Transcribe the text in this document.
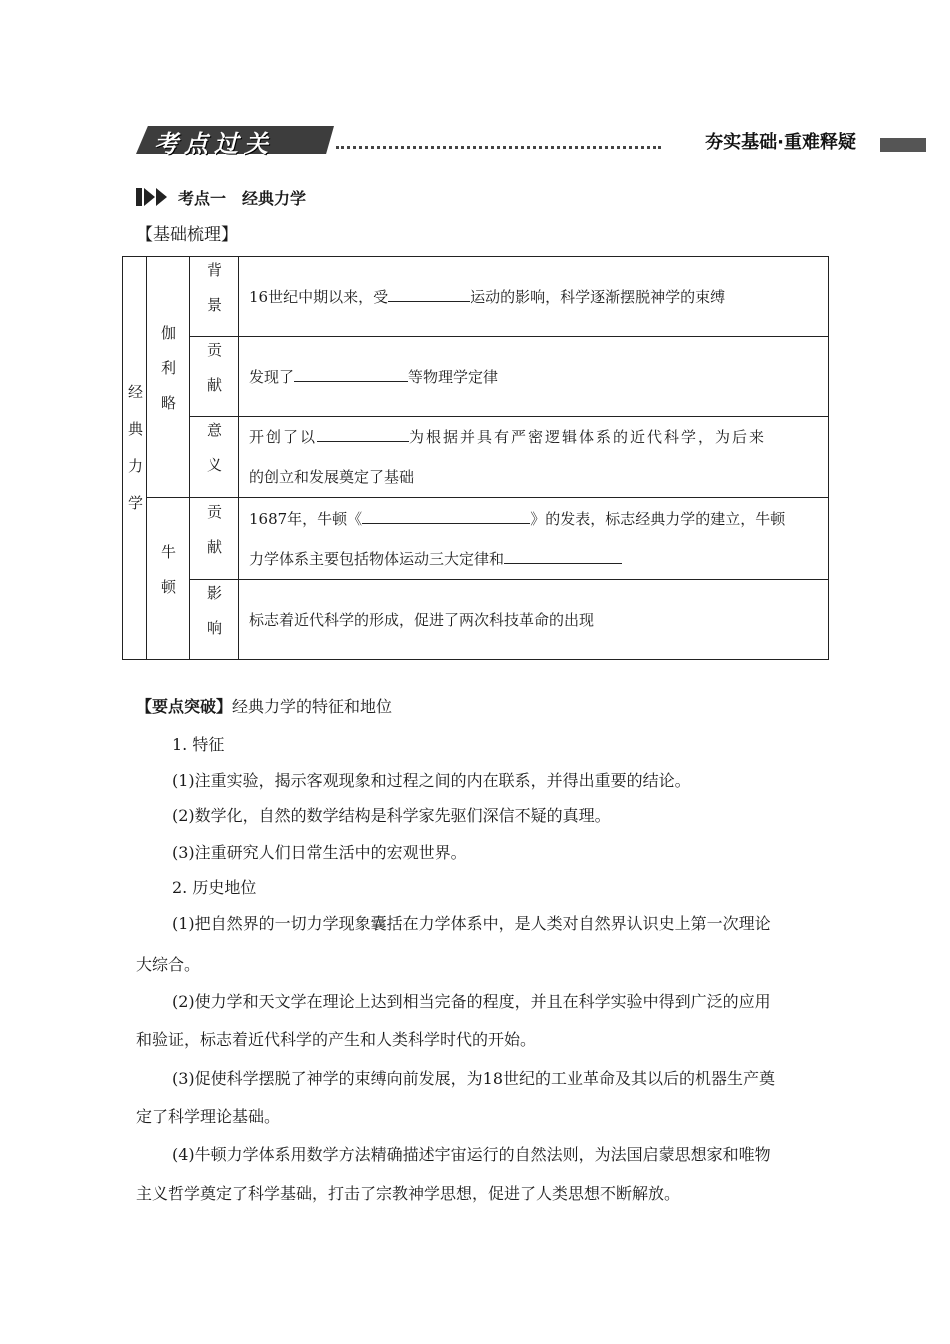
考点过关	夯实基础·重难释疑
考点一　经典力学
【基础梳理】
经典力学	伽利略	背景	16世纪中期以来，受 运动的影响，科学逐渐摆脱神学的束缚

		贡献	发现了 等物理学定律

		意义	开创了以 为根据并具有严密逻辑体系的近代科学，为后来
的创立和发展奠定了基础

	牛顿	贡献	1687年，牛顿《 》的发表，标志经典力学的建立，牛顿
力学体系主要包括物体运动三大定律和

		影响	标志着近代科学的形成，促进了两次科技革命的出现
【要点突破】经典力学的特征和地位
1. 特征
(1)注重实验，揭示客观现象和过程之间的内在联系，并得出重要的结论。
(2)数学化，自然的数学结构是科学家先驱们深信不疑的真理。
(3)注重研究人们日常生活中的宏观世界。
2. 历史地位
(1)把自然界的一切力学现象囊括在力学体系中，是人类对自然界认识史上第一次理论
大综合。
(2)使力学和天文学在理论上达到相当完备的程度，并且在科学实验中得到广泛的应用
和验证，标志着近代科学的产生和人类科学时代的开始。
(3)促使科学摆脱了神学的束缚向前发展，为18世纪的工业革命及其以后的机器生产奠
定了科学理论基础。
(4)牛顿力学体系用数学方法精确描述宇宙运行的自然法则，为法国启蒙思想家和唯物
主义哲学奠定了科学基础，打击了宗教神学思想，促进了人类思想不断解放。
